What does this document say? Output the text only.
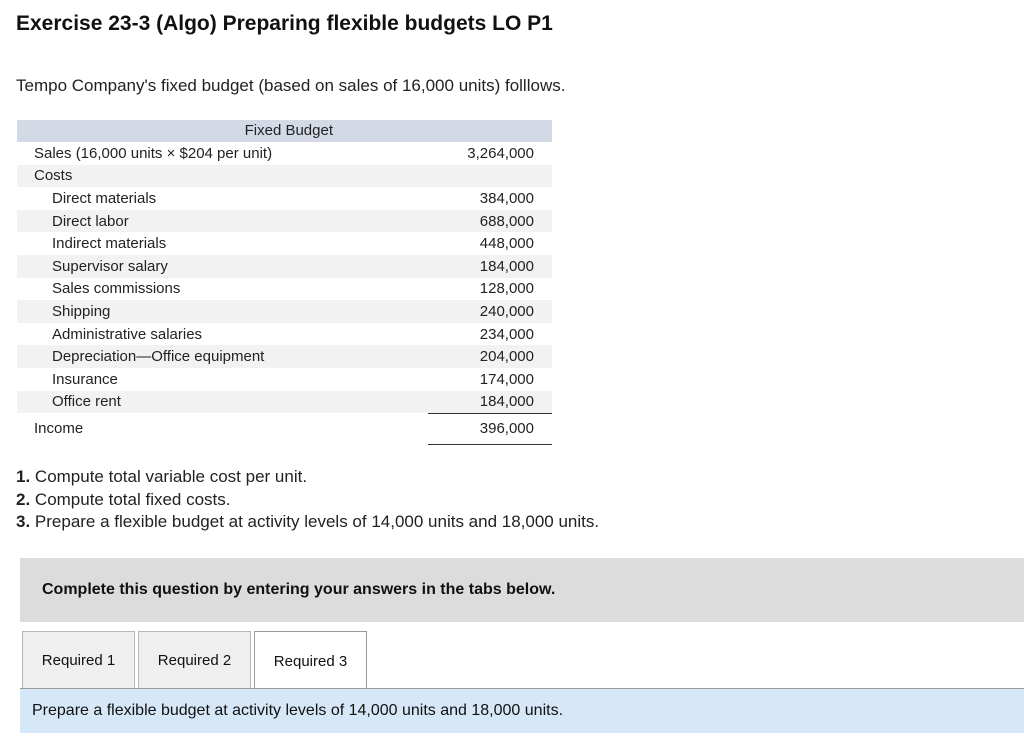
Exercise 23-3 (Algo) Preparing flexible budgets LO P1

Tempo Company's fixed budget (based on sales of 16,000 units) folllows.

Fixed Budget
Sales (16,000 units × $204 per unit)	3,264,000
Costs
Direct materials	384,000
Direct labor	688,000
Indirect materials	448,000
Supervisor salary	184,000
Sales commissions	128,000
Shipping	240,000
Administrative salaries	234,000
Depreciation—Office equipment	204,000
Insurance	174,000
Office rent	184,000
Income	396,000
1. Compute total variable cost per unit.
2. Compute total fixed costs.
3. Prepare a flexible budget at activity levels of 14,000 units and 18,000 units.
Complete this question by entering your answers in the tabs below.
Required 1	Required 2	Required 3
Prepare a flexible budget at activity levels of 14,000 units and 18,000 units.
